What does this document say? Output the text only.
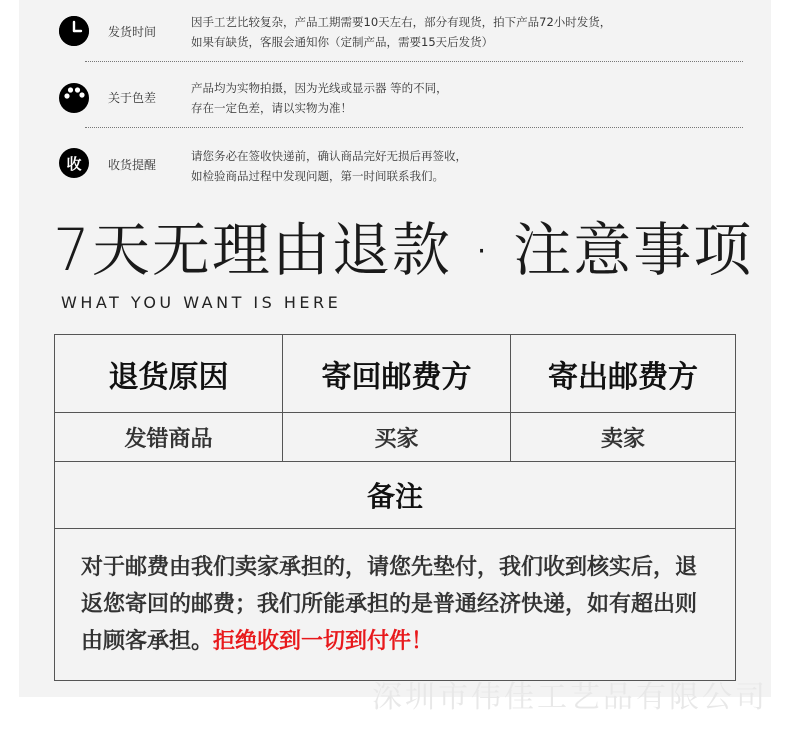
发货时间
因手工艺比较复杂，产品工期需要10天左右，部分有现货，拍下产品72小时发货，
如果有缺货，客服会通知你（定制产品，需要15天后发货）
关于色差
产品均为实物拍摄，因为光线或显示器 等的不同，
存在一定色差，请以实物为准！
收	收货提醒
请您务必在签收快递前，确认商品完好无损后再签收，
如检验商品过程中发现问题，第一时间联系我们。
7天无理由退款 · 注意事项
WHAT YOU WANT IS HERE
退货原因	寄回邮费方	寄出邮费方
发错商品	买家	卖家
备注		
对于邮费由我们卖家承担的，请您先垫付，我们收到核实后，退返您寄回的邮费；我们所能承担的是普通经济快递，如有超出则由顾客承担。拒绝收到一切到付件！		
深圳市伟佳工艺品有限公司
